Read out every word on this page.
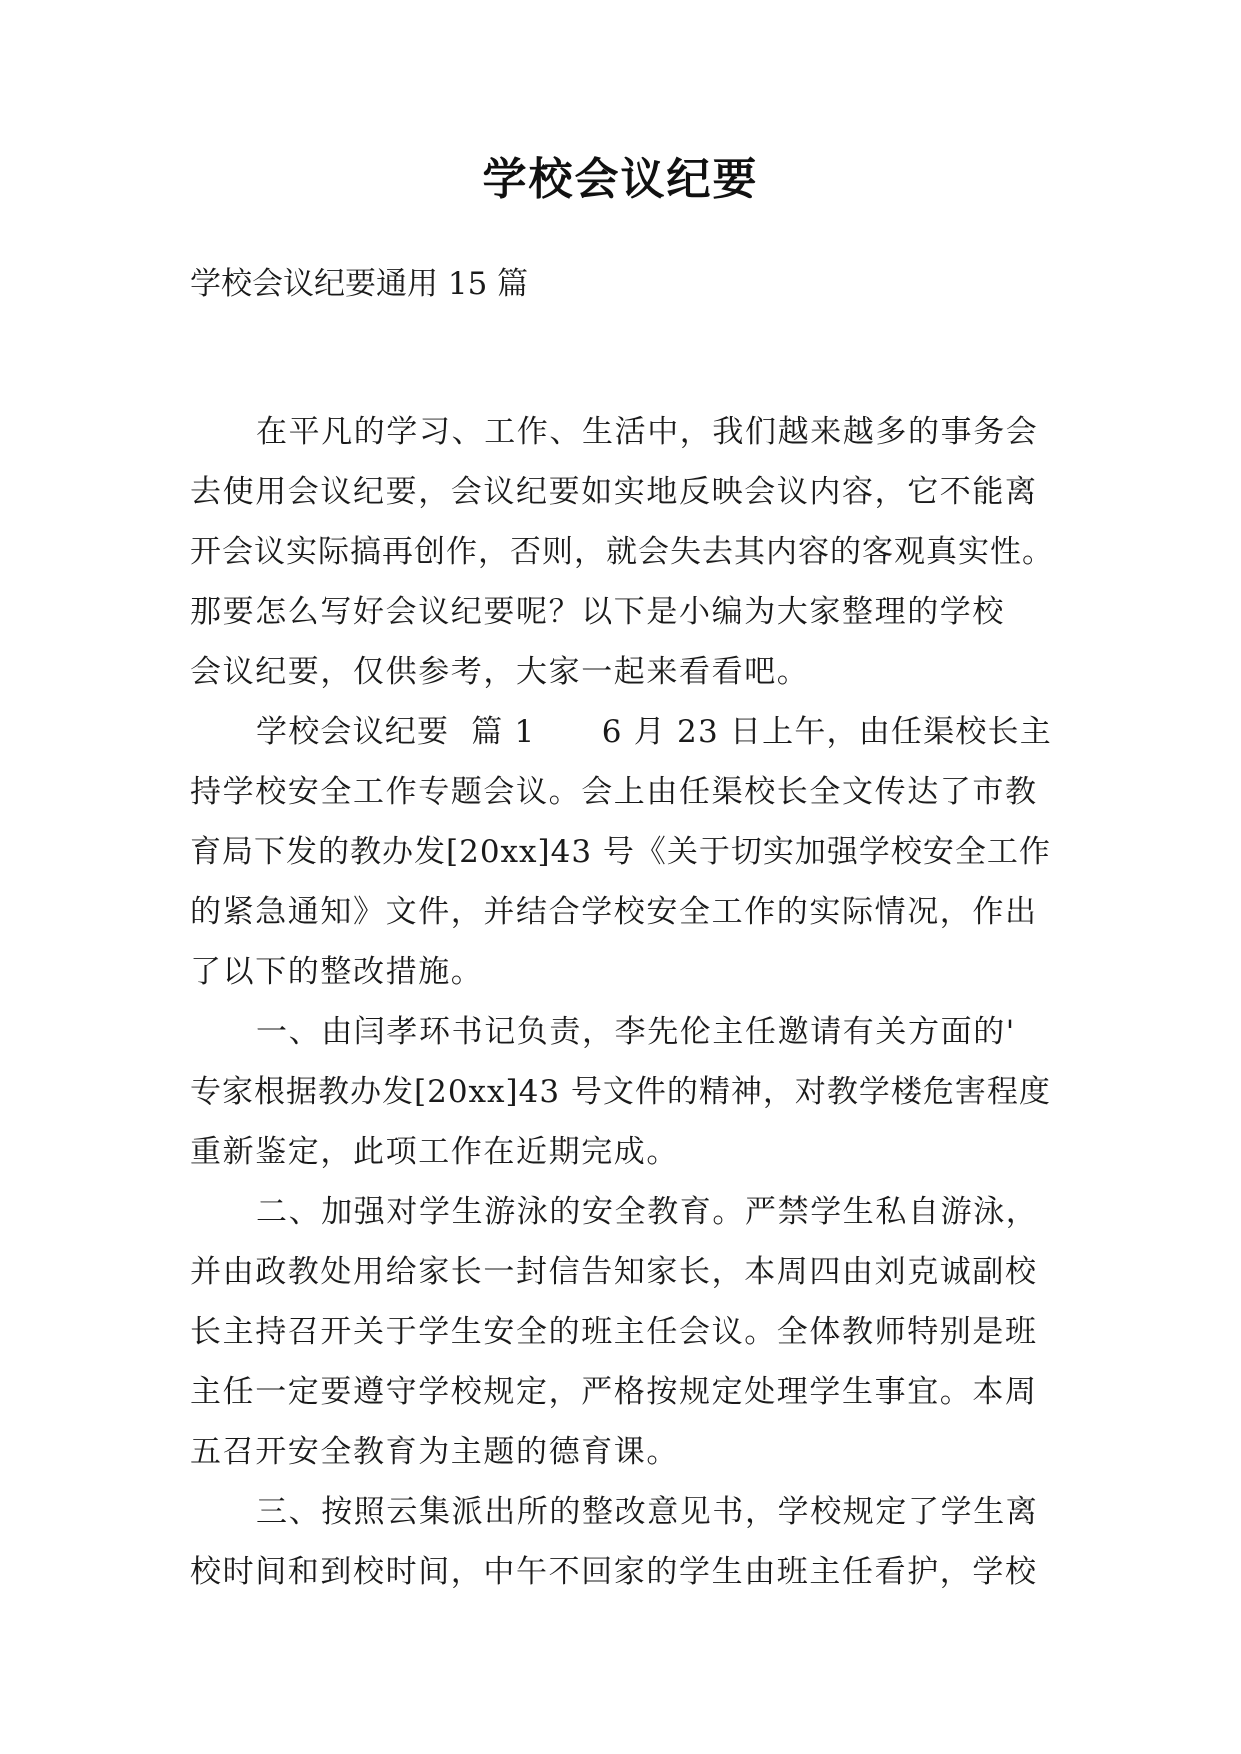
学校会议纪要
学校会议纪要通用 15 篇
在平凡的学习、工作、生活中，我们越来越多的事务会
去使用会议纪要，会议纪要如实地反映会议内容，它不能离
开会议实际搞再创作，否则，就会失去其内容的客观真实性。
那要怎么写好会议纪要呢？以下是小编为大家整理的学校
会议纪要，仅供参考，大家一起来看看吧。
学校会议纪要  篇 1      6 月 23 日上午，由任渠校长主
持学校安全工作专题会议。会上由任渠校长全文传达了市教
育局下发的教办发[20xx]43 号《关于切实加强学校安全工作
的紧急通知》文件，并结合学校安全工作的实际情况，作出
了以下的整改措施。
一、由闫孝环书记负责，李先伦主任邀请有关方面的'
专家根据教办发[20xx]43 号文件的精神，对教学楼危害程度
重新鉴定，此项工作在近期完成。
二、加强对学生游泳的安全教育。严禁学生私自游泳，
并由政教处用给家长一封信告知家长，本周四由刘克诚副校
长主持召开关于学生安全的班主任会议。全体教师特别是班
主任一定要遵守学校规定，严格按规定处理学生事宜。本周
五召开安全教育为主题的德育课。
三、按照云集派出所的整改意见书，学校规定了学生离
校时间和到校时间，中午不回家的学生由班主任看护，学校
